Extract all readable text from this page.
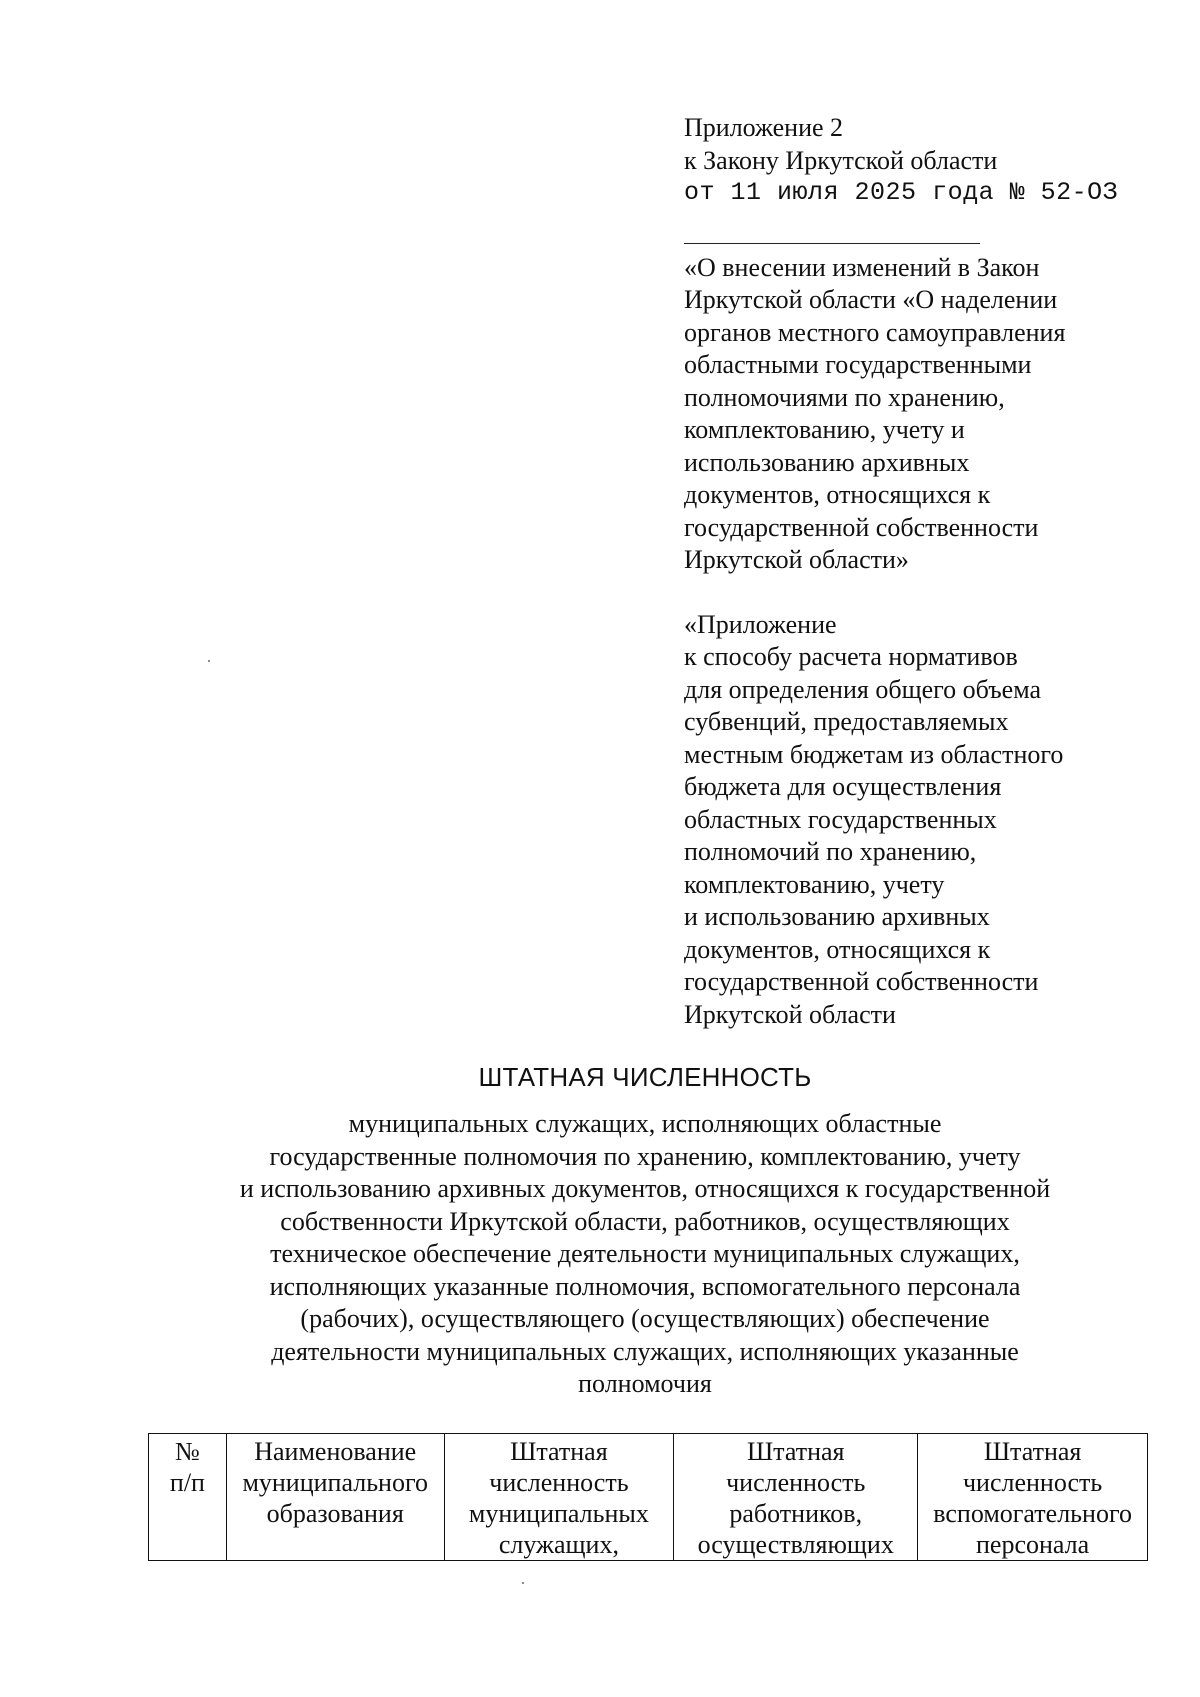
Приложение 2
к Закону Иркутской области
от 11 июля 2025 года № 52-ОЗ
«О внесении изменений в Закон
Иркутской области «О наделении
органов местного самоуправления
областными государственными
полномочиями по хранению,
комплектованию, учету и
использованию архивных
документов, относящихся к
государственной собственности
Иркутской области»
«Приложение
к способу расчета нормативов
для определения общего объема
субвенций, предоставляемых
местным бюджетам из областного
бюджета для осуществления
областных государственных
полномочий по хранению,
комплектованию, учету
и использованию архивных
документов, относящихся к
государственной собственности
Иркутской области
ШТАТНАЯ ЧИСЛЕННОСТЬ
муниципальных служащих, исполняющих областные
государственные полномочия по хранению, комплектованию, учету
и использованию архивных документов, относящихся к государственной
собственности Иркутской области, работников, осуществляющих
техническое обеспечение деятельности муниципальных служащих,
исполняющих указанные полномочия, вспомогательного персонала
(рабочих), осуществляющего (осуществляющих) обеспечение
деятельности муниципальных служащих, исполняющих указанные
полномочия
№
п/п

Наименование
муниципального
образования

Штатная
численность
муниципальных
служащих,

Штатная
численность
работников,
осуществляющих

Штатная
численность
вспомогательного
персонала
